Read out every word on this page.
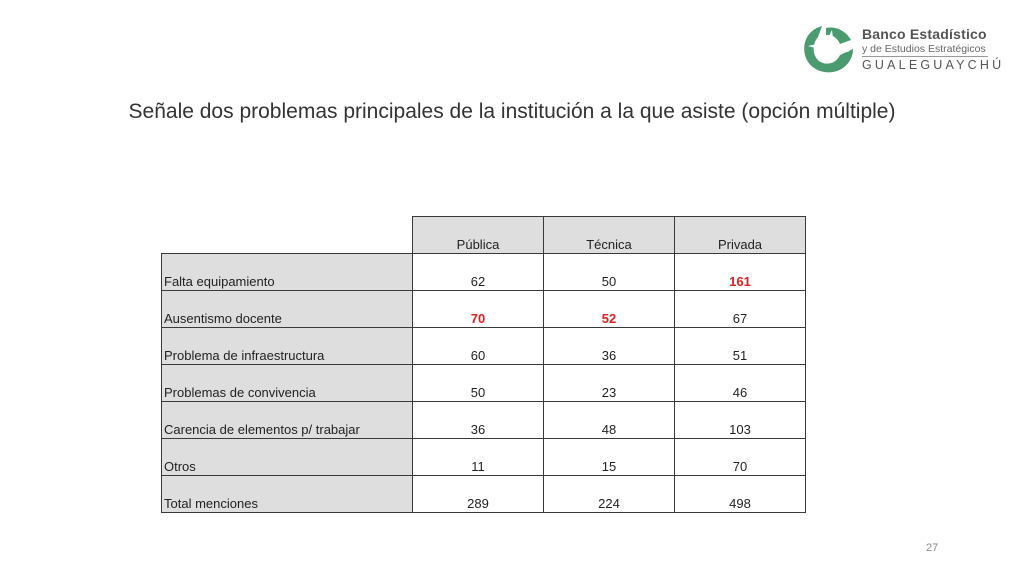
Banco Estadístico
y de Estudios Estratégicos
GUALEGUAYCHÚ
Señale dos problemas principales de la institución a la que asiste (opción múltiple)
	Pública	Técnica	Privada
Falta equipamiento	62	50	161
Ausentismo docente	70	52	67
Problema de infraestructura	60	36	51
Problemas de convivencia	50	23	46
Carencia de elementos p/ trabajar	36	48	103
Otros	11	15	70
Total menciones	289	224	498
27
